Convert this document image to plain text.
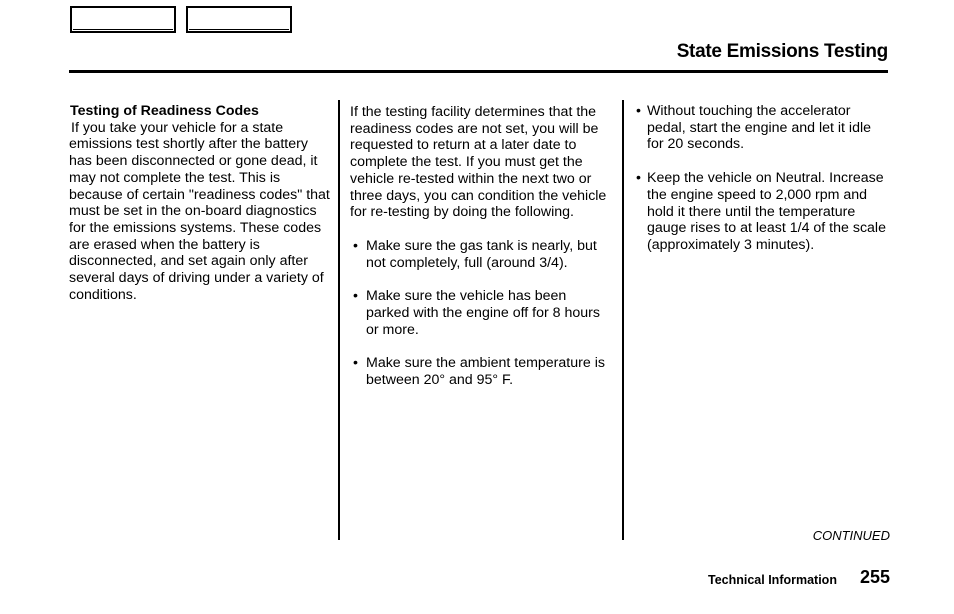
State Emissions Testing
Testing of Readiness Codes

If you take your vehicle for a state emissions test shortly after the battery has been disconnected or gone dead, it may not complete the test. This is because of certain "readiness codes" that must be set in the on-board diagnostics for the emissions systems. These codes are erased when the battery is disconnected, and set again only after several days of driving under a variety of conditions.

If the testing facility determines that the readiness codes are not set, you will be requested to return at a later date to complete the test. If you must get the vehicle re-tested within the next two or three days, you can condition the vehicle for re-testing by doing the following.

• Make sure the gas tank is nearly, but not completely, full (around 3/4).
• Make sure the vehicle has been parked with the engine off for 8 hours or more.
• Make sure the ambient temperature is between 20° and 95° F.
• Without touching the accelerator pedal, start the engine and let it idle for 20 seconds.
• Keep the vehicle on Neutral. Increase the engine speed to 2,000 rpm and hold it there until the temperature gauge rises to at least 1/4 of the scale (approximately 3 minutes).
CONTINUED
Technical Information 255
